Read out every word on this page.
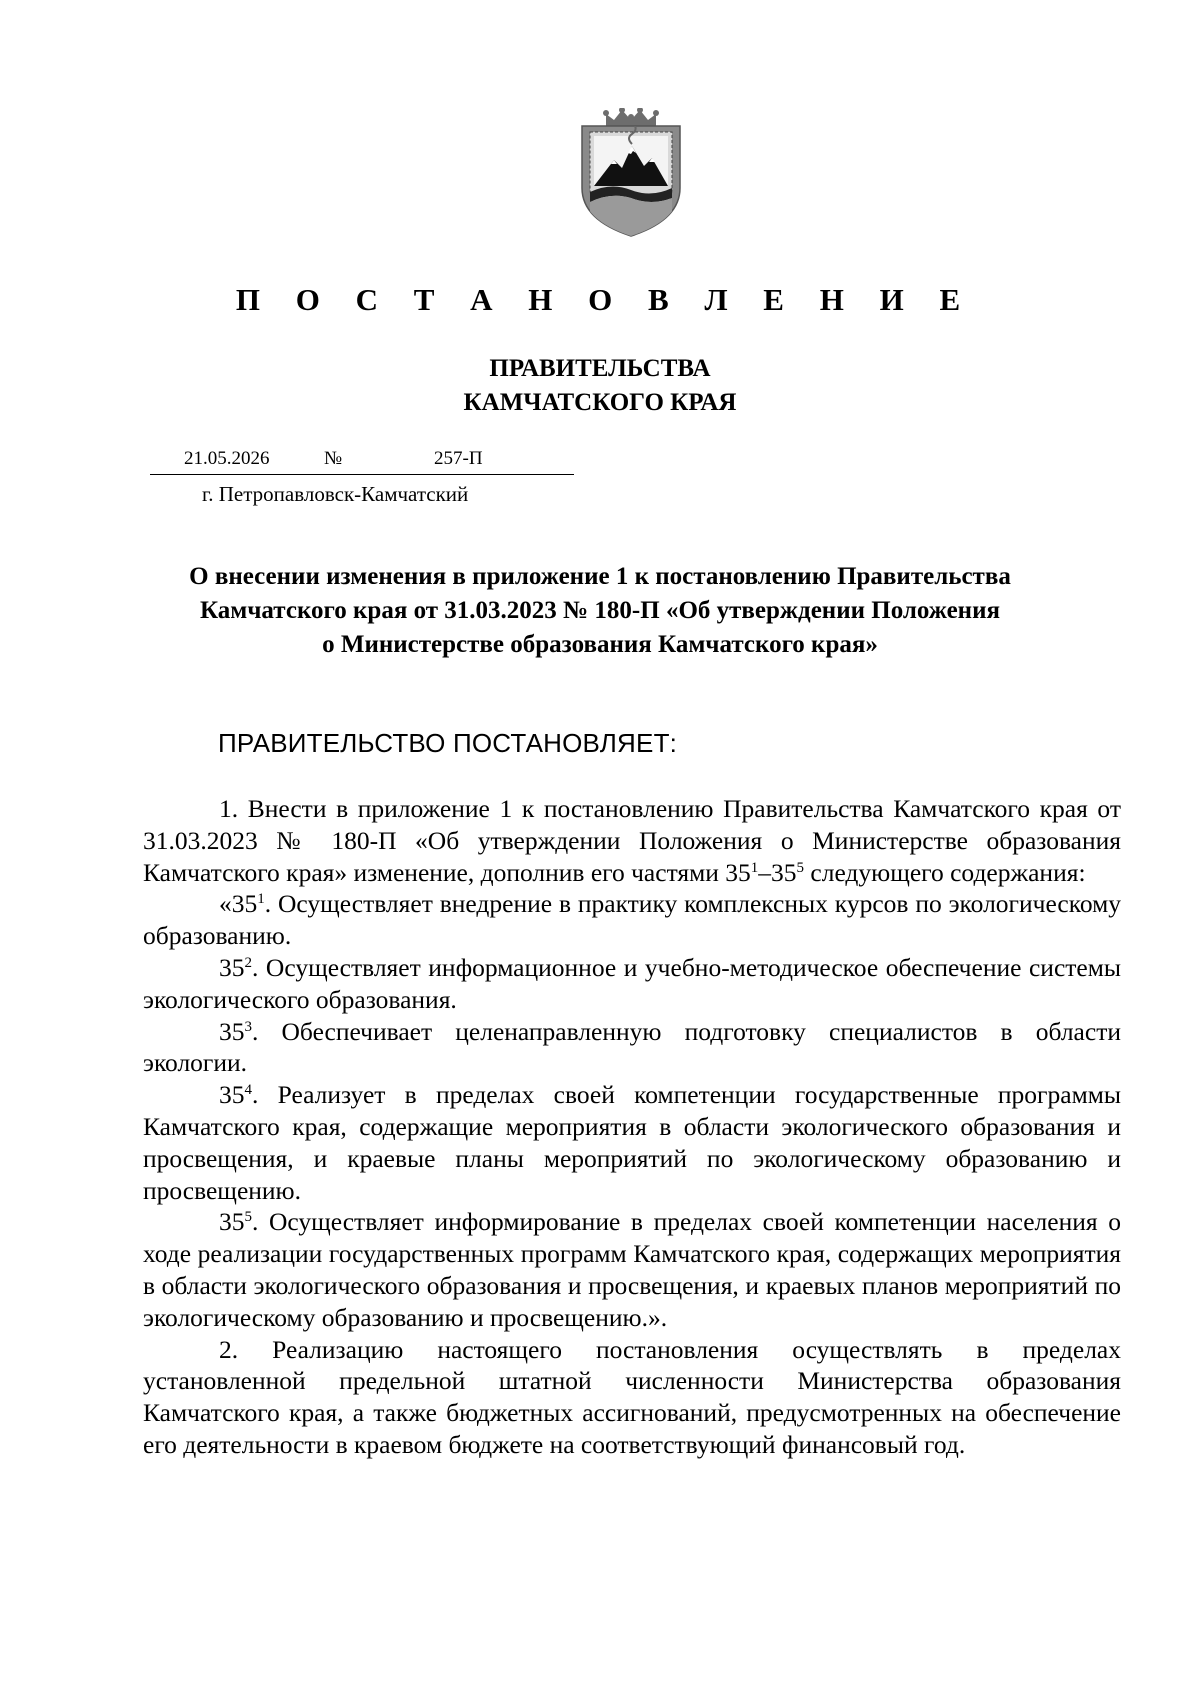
П О С Т А Н О В Л Е Н И Е
ПРАВИТЕЛЬСТВА
КАМЧАТСКОГО КРАЯ
21.05.2026	№	257-П
г. Петропавловск-Камчатский
О внесении изменения в приложение 1 к постановлению Правительства
Камчатского края от 31.03.2023 № 180-П «Об утверждении Положения
о Министерстве образования Камчатского края»
ПРАВИТЕЛЬСТВО ПОСТАНОВЛЯЕТ:

1. Внести в приложение 1 к постановлению Правительства Камчатского края от 31.03.2023 № 180-П «Об утверждении Положения о Министерстве образования Камчатского края» изменение, дополнив его частями $35^1-35^5$ следующего содержания:

«$35^1$. Осуществляет внедрение в практику комплексных курсов по экологическому образованию.

$35^2$. Осуществляет информационное и учебно-методическое обеспечение системы экологического образования.

$35^3$. Обеспечивает целенаправленную подготовку специалистов в области экологии.

$35^4$. Реализует в пределах своей компетенции государственные программы Камчатского края, содержащие мероприятия в области экологического образования и просвещения, и краевые планы мероприятий по экологическому образованию и просвещению.

$35^5$. Осуществляет информирование в пределах своей компетенции населения о ходе реализации государственных программ Камчатского края, содержащих мероприятия в области экологического образования и просвещения, и краевых планов мероприятий по экологическому образованию и просвещению.».

2. Реализацию настоящего постановления осуществлять в пределах установленной предельной штатной численности Министерства образования Камчатского края, а также бюджетных ассигнований, предусмотренных на обеспечение его деятельности в краевом бюджете на соответствующий финансовый год.
